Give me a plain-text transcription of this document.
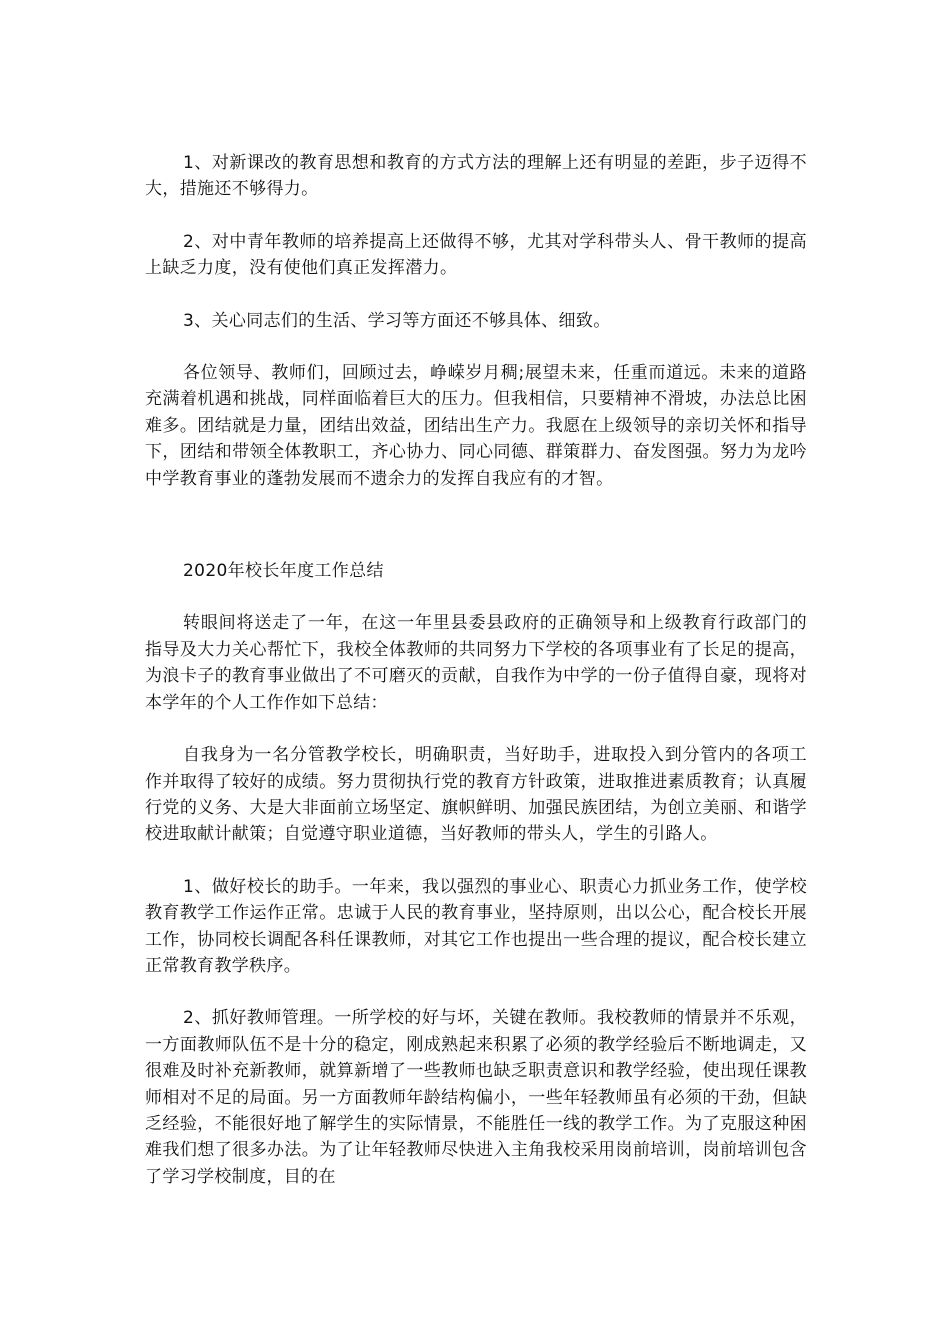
1、对新课改的教育思想和教育的方式方法的理解上还有明显的差距，步子迈得不大，措施还不够得力。

2、对中青年教师的培养提高上还做得不够，尤其对学科带头人、骨干教师的提高上缺乏力度，没有使他们真正发挥潜力。

3、关心同志们的生活、学习等方面还不够具体、细致。

各位领导、教师们，回顾过去，峥嵘岁月稠;展望未来，任重而道远。未来的道路充满着机遇和挑战，同样面临着巨大的压力。但我相信，只要精神不滑坡，办法总比困难多。团结就是力量，团结出效益，团结出生产力。我愿在上级领导的亲切关怀和指导下，团结和带领全体教职工，齐心协力、同心同德、群策群力、奋发图强。努力为龙吟中学教育事业的蓬勃发展而不遗余力的发挥自我应有的才智。

2020年校长年度工作总结

转眼间将送走了一年，在这一年里县委县政府的正确领导和上级教育行政部门的指导及大力关心帮忙下，我校全体教师的共同努力下学校的各项事业有了长足的提高，为浪卡子的教育事业做出了不可磨灭的贡献，自我作为中学的一份子值得自豪，现将对本学年的个人工作作如下总结：

自我身为一名分管教学校长，明确职责，当好助手，进取投入到分管内的各项工作并取得了较好的成绩。努力贯彻执行党的教育方针政策，进取推进素质教育；认真履行党的义务、大是大非面前立场坚定、旗帜鲜明、加强民族团结，为创立美丽、和谐学校进取献计献策；自觉遵守职业道德，当好教师的带头人，学生的引路人。

1、做好校长的助手。一年来，我以强烈的事业心、职责心力抓业务工作，使学校教育教学工作运作正常。忠诚于人民的教育事业，坚持原则，出以公心，配合校长开展工作，协同校长调配各科任课教师，对其它工作也提出一些合理的提议，配合校长建立正常教育教学秩序。

2、抓好教师管理。一所学校的好与坏，关键在教师。我校教师的情景并不乐观，一方面教师队伍不是十分的稳定，刚成熟起来积累了必须的教学经验后不断地调走，又很难及时补充新教师，就算新增了一些教师也缺乏职责意识和教学经验，使出现任课教师相对不足的局面。另一方面教师年龄结构偏小，一些年轻教师虽有必须的干劲，但缺乏经验，不能很好地了解学生的实际情景，不能胜任一线的教学工作。为了克服这种困难我们想了很多办法。为了让年轻教师尽快进入主角我校采用岗前培训，岗前培训包含了学习学校制度，目的在
